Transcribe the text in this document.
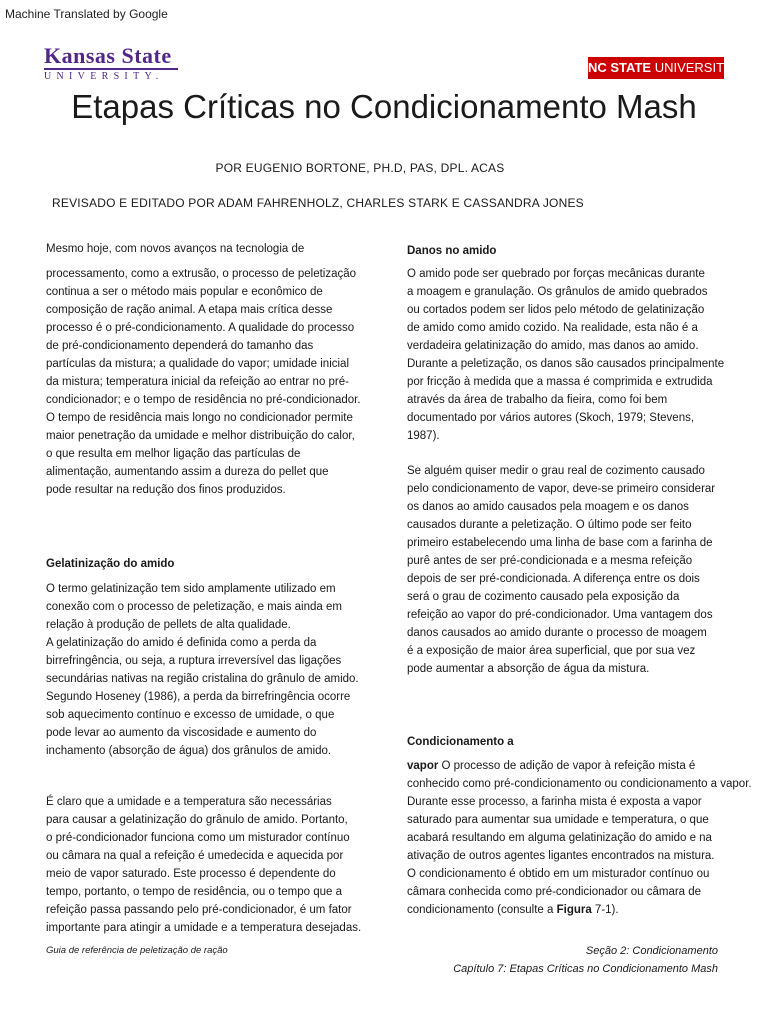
Machine Translated by Google
Kansas State
UNIVERSITY.
NC STATE UNIVERSITY
Etapas Críticas no Condicionamento Mash
POR EUGENIO BORTONE, PH.D, PAS, DPL. ACAS
REVISADO E EDITADO POR ADAM FAHRENHOLZ, CHARLES STARK E CASSANDRA JONES

Mesmo hoje, com novos avanços na tecnologia de

processamento, como a extrusão, o processo de peletização

continua a ser o método mais popular e econômico de

composição de ração animal. A etapa mais crítica desse

processo é o pré-condicionamento. A qualidade do processo

de pré-condicionamento dependerá do tamanho das

partículas da mistura; a qualidade do vapor; umidade inicial

da mistura; temperatura inicial da refeição ao entrar no pré-

condicionador; e o tempo de residência no pré-condicionador.

O tempo de residência mais longo no condicionador permite

maior penetração da umidade e melhor distribuição do calor,

o que resulta em melhor ligação das partículas de

alimentação, aumentando assim a dureza do pellet que

pode resultar na redução dos finos produzidos.

Gelatinização do amido

O termo gelatinização tem sido amplamente utilizado em

conexão com o processo de peletização, e mais ainda em

relação à produção de pellets de alta qualidade.

A gelatinização do amido é definida como a perda da

birrefringência, ou seja, a ruptura irreversível das ligações

secundárias nativas na região cristalina do grânulo de amido.

Segundo Hoseney (1986), a perda da birrefringência ocorre

sob aquecimento contínuo e excesso de umidade, o que

pode levar ao aumento da viscosidade e aumento do

inchamento (absorção de água) dos grânulos de amido.

É claro que a umidade e a temperatura são necessárias

para causar a gelatinização do grânulo de amido. Portanto,

o pré-condicionador funciona como um misturador contínuo

ou câmara na qual a refeição é umedecida e aquecida por

meio de vapor saturado. Este processo é dependente do

tempo, portanto, o tempo de residência, ou o tempo que a

refeição passa passando pelo pré-condicionador, é um fator

importante para atingir a umidade e a temperatura desejadas.

Danos no amido

O amido pode ser quebrado por forças mecânicas durante

a moagem e granulação. Os grânulos de amido quebrados

ou cortados podem ser lidos pelo método de gelatinização

de amido como amido cozido. Na realidade, esta não é a

verdadeira gelatinização do amido, mas danos ao amido.

Durante a peletização, os danos são causados principalmente

por fricção à medida que a massa é comprimida e extrudida

através da área de trabalho da fieira, como foi bem

documentado por vários autores (Skoch, 1979; Stevens,

1987).

Se alguém quiser medir o grau real de cozimento causado

pelo condicionamento de vapor, deve-se primeiro considerar

os danos ao amido causados pela moagem e os danos

causados durante a peletização. O último pode ser feito

primeiro estabelecendo uma linha de base com a farinha de

purê antes de ser pré-condicionada e a mesma refeição

depois de ser pré-condicionada. A diferença entre os dois

será o grau de cozimento causado pela exposição da

refeição ao vapor do pré-condicionador. Uma vantagem dos

danos causados ao amido durante o processo de moagem

é a exposição de maior área superficial, que por sua vez

pode aumentar a absorção de água da mistura.

Condicionamento a

vapor O processo de adição de vapor à refeição mista é

conhecido como pré-condicionamento ou condicionamento a vapor.

Durante esse processo, a farinha mista é exposta a vapor

saturado para aumentar sua umidade e temperatura, o que

acabará resultando em alguma gelatinização do amido e na

ativação de outros agentes ligantes encontrados na mistura.

O condicionamento é obtido em um misturador contínuo ou

câmara conhecida como pré-condicionador ou câmara de

condicionamento (consulte a Figura 7-1).

Guia de referência de peletização de ração	Seção 2: Condicionamento
Capítulo 7: Etapas Críticas no Condicionamento Mash
